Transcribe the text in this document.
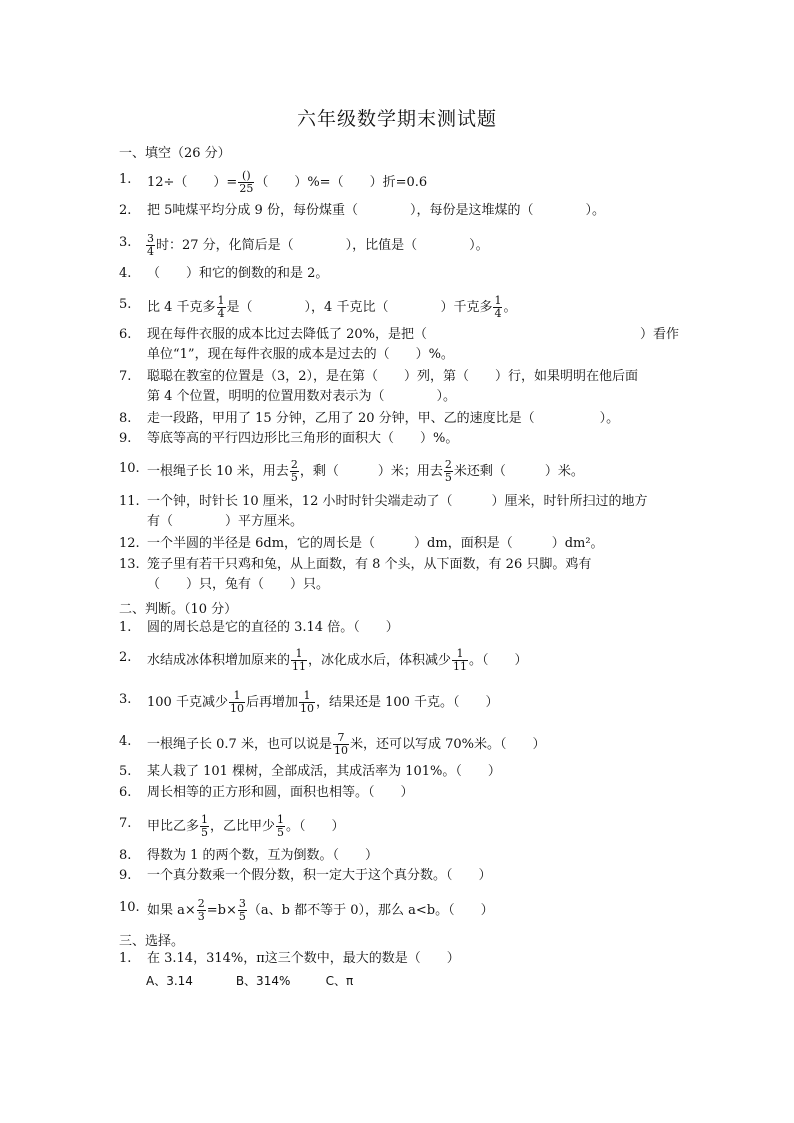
六年级数学期末测试题
一、填空（26 分）
1. 12÷（　　）= $\frac{()}{25}$ （　　）%=（　　）折=0.6
2. 把 5吨煤平均分成 9 份，每份煤重（　　　　），每份是这堆煤的（　　　　）。
3. $\frac{3}{4}$ 时：27 分，化简后是（　　　　），比值是（　　　　）。
4. （　　）和它的倒数的和是 2。
5. 比 4 千克多 $\frac{1}{4}$ 是（　　　　），4 千克比（　　　　）千克多 $\frac{1}{4}$ 。
6. 现在每件衣服的成本比过去降低了 20%，是把（	）看作
单位“1”，现在每件衣服的成本是过去的（　　）%。
7. 聪聪在教室的位置是（3，2），是在第（　　）列，第（　　）行，如果明明在他后面
第 4 个位置，明明的位置用数对表示为（　　　　）。
8. 走一段路，甲用了 15 分钟，乙用了 20 分钟，甲、乙的速度比是（　　　　　）。
9. 等底等高的平行四边形比三角形的面积大（　　）%。
10. 一根绳子长 10 米，用去 $\frac{2}{5}$ ，剩（　　　）米；用去 $\frac{2}{5}$ 米还剩（　　　）米。
11. 一个钟，时针长 10 厘米，12 小时时针尖端走动了（　　　）厘米，时针所扫过的地方
有（　　　　）平方厘米。
12. 一个半圆的半径是 6dm，它的周长是（　　　）dm，面积是（　　　）dm²。
13. 笼子里有若干只鸡和兔，从上面数，有 8 个头，从下面数，有 26 只脚。鸡有
（　　）只，兔有（　　）只。
二、判断。（10 分）
1. 圆的周长总是它的直径的 3.14 倍。（　　）
2. 水结成冰体积增加原来的 $\frac{1}{11}$ ，冰化成水后，体积减少 $\frac{1}{11}$ 。（　　）
3. 100 千克减少 $\frac{1}{10}$ 后再增加 $\frac{1}{10}$ ，结果还是 100 千克。（　　）
4. 一根绳子长 0.7 米，也可以说是 $\frac{7}{10}$ 米，还可以写成 70%米。（　　）
5. 某人栽了 101 棵树，全部成活，其成活率为 101%。（　　）
6. 周长相等的正方形和圆，面积也相等。（　　）
7. 甲比乙多 $\frac{1}{5}$ ，乙比甲少 $\frac{1}{5}$ 。（　　）
8. 得数为 1 的两个数，互为倒数。（　　）
9. 一个真分数乘一个假分数，积一定大于这个真分数。（　　）
10. 如果 $a\times \frac{2}{3} =b\times \frac{3}{5} (a$、b 都不等于 0），那么 a<b。（　　）
三、选择。
1. 在 3.14，314%，π这三个数中，最大的数是（　　）
A、3.14	B、314%	C、π
